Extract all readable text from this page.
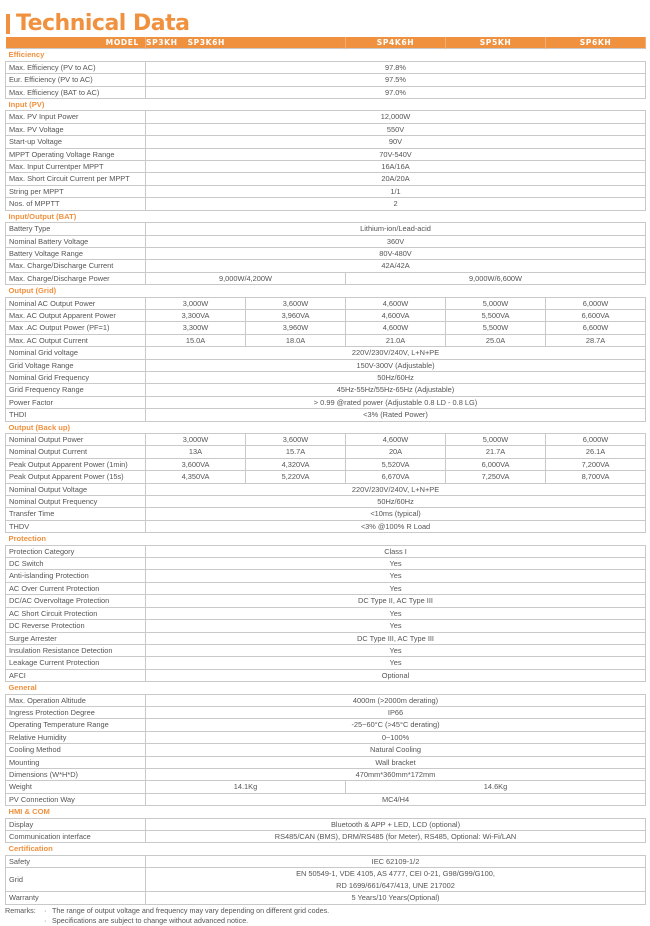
Technical Data
MODEL	SP3KH SP3K6H		SP4K6H	SP5KH	SP6KH
Efficiency					
Max. Efficiency (PV to AC)	97.8%				
Eur. Efficiency (PV to AC)	97.5%				
Max. Efficiency (BAT to AC)	97.0%				
Input (PV)					
Max. PV Input Power	12,000W				
Max. PV Voltage	550V				
Start-up Voltage	90V				
MPPT Operating Voltage Range	70V-540V				
Max. Input Currentper MPPT	16A/16A				
Max. Short Circuit Current per MPPT	20A/20A				
String per MPPT	1/1				
Nos. of MPPTT	2				
Input/Output (BAT)					
Battery Type	Lithium-ion/Lead-acid				
Nominal Battery Voltage	360V				
Battery Voltage Range	80V-480V				
Max. Charge/Discharge Current	42A/42A				
Max. Charge/Discharge Power	9,000W/4,200W		9,000W/6,600W		
Output (Grid)					
Nominal AC Output Power	3,000W	3,600W	4,600W	5,000W	6,000W
Max. AC Output Apparent Power	3,300VA	3,960VA	4,600VA	5,500VA	6,600VA
Max .AC Output Power (PF=1)	3,300W	3,960W	4,600W	5,500W	6,600W
Max. AC Output Current	15.0A	18.0A	21.0A	25.0A	28.7A
Nominal Grid voltage	220V/230V/240V, L+N+PE				
Grid Voltage Range	150V-300V (Adjustable)				
Nominal Grid Frequency	50Hz/60Hz				
Grid Frequency Range	45Hz-55Hz/55Hz-65Hz (Adjustable)				
Power Factor	> 0.99 @rated power (Adjustable 0.8 LD - 0.8 LG)				
THDI	<3% (Rated Power)				
Output (Back up)					
Nominal Output Power	3,000W	3,600W	4,600W	5,000W	6,000W
Nominal Output Current	13A	15.7A	20A	21.7A	26.1A
Peak Output Apparent Power (1min)	3,600VA	4,320VA	5,520VA	6,000VA	7,200VA
Peak Output Apparent Power (15s)	4,350VA	5,220VA	6,670VA	7,250VA	8,700VA
Nominal Output Voltage	220V/230V/240V, L+N+PE				
Nominal Output Frequency	50Hz/60Hz				
Transfer Time	<10ms (typical)				
THDV	<3% @100% R Load				
Protection					
Protection Category	Class I				
DC Switch	Yes				
Anti-islanding Protection	Yes				
AC Over Current Protection	Yes				
DC/AC Overvoltage Protection	DC Type II, AC Type III				
AC Short Circuit Protection	Yes				
DC Reverse Protection	Yes				
Surge Arrester	DC Type III, AC Type III				
Insulation Resistance Detection	Yes				
Leakage Current Protection	Yes				
AFCI	Optional				
General					
Max. Operation Altitude	4000m (>2000m derating)				
Ingress Protection Degree	IP66				
Operating Temperature Range	-25~60°C (>45°C derating)				
Relative Humidity	0~100%				
Cooling Method	Natural Cooling				
Mounting	Wall bracket				
Dimensions (W*H*D)	470mm*360mm*172mm				
Weight	14.1Kg		14.6Kg		
PV Connection Way	MC4/H4				
HMI & COM					
Display	Bluetooth & APP + LED, LCD (optional)				
Communication interface	RS485/CAN (BMS), DRM/RS485 (for Meter), RS485, Optional: Wi-Fi/LAN				
Certification					
Safety	IEC 62109-1/2				
Grid	EN 50549-1, VDE 4105, AS 4777, CEI 0-21, G98/G99/G100,
RD 1699/661/647/413, UNE 217002				

Warranty	5 Years/10 Years(Optional)				
Remarks:	· The range of output voltage and frequency may vary depending on different grid codes.
· Specifications are subject to change without advanced notice.
